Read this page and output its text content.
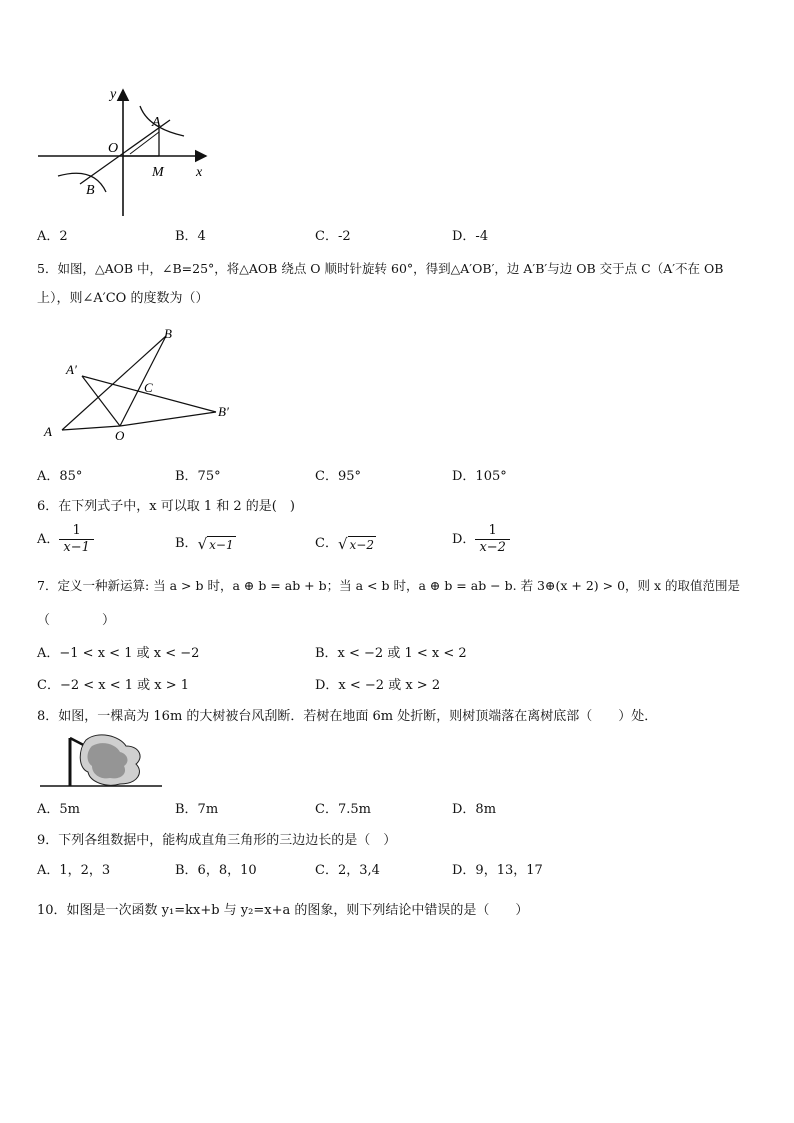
y
x
O
A
B
M
A．2	B．4	C．-2	D．-4
5．如图，△AOB 中，∠B=25°，将△AOB 绕点 O 顺时针旋转 60°，得到△A′OB′，边 A′B′与边 OB 交于点 C（A′不在 OB
上），则∠A′CO 的度数为（）
B
A′
C
B′
A	O
A．85°	B．75°	C．95°	D．105°
6．在下列式子中，x 可以取 1 和 2 的是(　)
A． $\frac{1}{x-1}$	B． √ x−1	C． √ x−2	D． $\frac{1}{x-2}$
7．定义一种新运算: 当 a > b 时，a ⊕ b = ab + b；当 a < b 时，a ⊕ b = ab − b. 若 3⊕(x + 2) > 0，则 x 的取值范围是
（　　　　）
A．−1 < x < 1 或 x < −2	B．x < −2 或 1 < x < 2
C．−2 < x < 1 或 x > 1	D．x < −2 或 x > 2
8．如图，一棵高为 16m 的大树被台风刮断．若树在地面 6m 处折断，则树顶端落在离树底部（　　）处．
A．5m	B．7m	C．7.5m	D．8m
9．下列各组数据中，能构成直角三角形的三边边长的是（　）
A．1，2，3	B．6，8，10	C．2，3,4	D．9，13，17
10．如图是一次函数 y₁=kx+b 与 y₂=x+a 的图象，则下列结论中错误的是（　　）
